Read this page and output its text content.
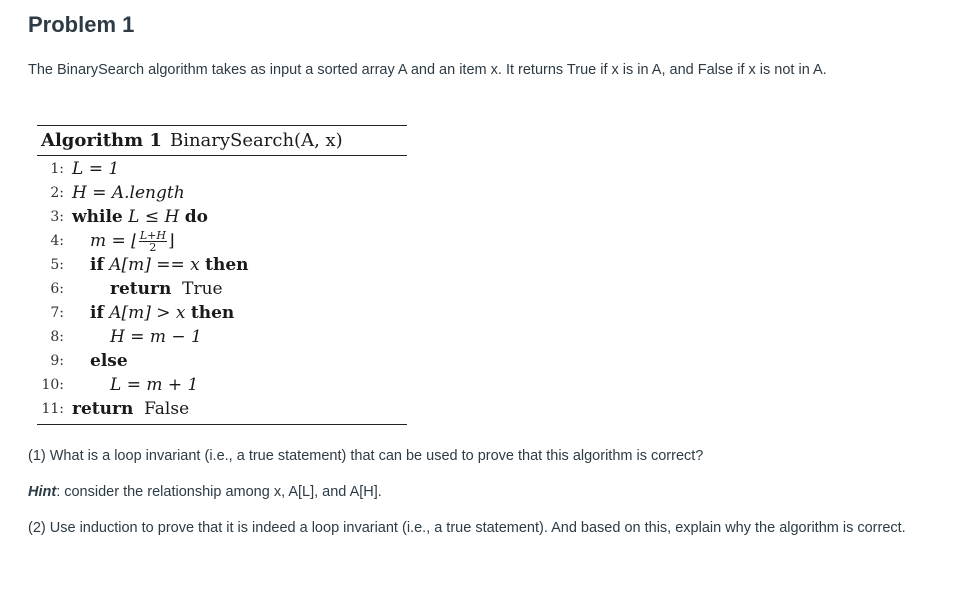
Problem 1

The BinarySearch algorithm takes as input a sorted array A and an item x. It returns True if x is in A, and False if x is not in A.

Algorithm 1 BinarySearch(A, x)
1: L = 1
2: H = A.length
3: while
L ≤ H
do
4: m = ⌊ $\frac{L+H}{2}$ ⌋
5: if
A[m] == x
then
6:	return
True
7: if
A[m] > x
then
8:	H = m − 1
9:	else
10:	L = m + 1
11: return
False

(1) What is a loop invariant (i.e., a true statement) that can be used to prove that this algorithm is correct?

Hint: consider the relationship among x, A[L], and A[H].

(2) Use induction to prove that it is indeed a loop invariant (i.e., a true statement). And based on this, explain why the algorithm is correct.
